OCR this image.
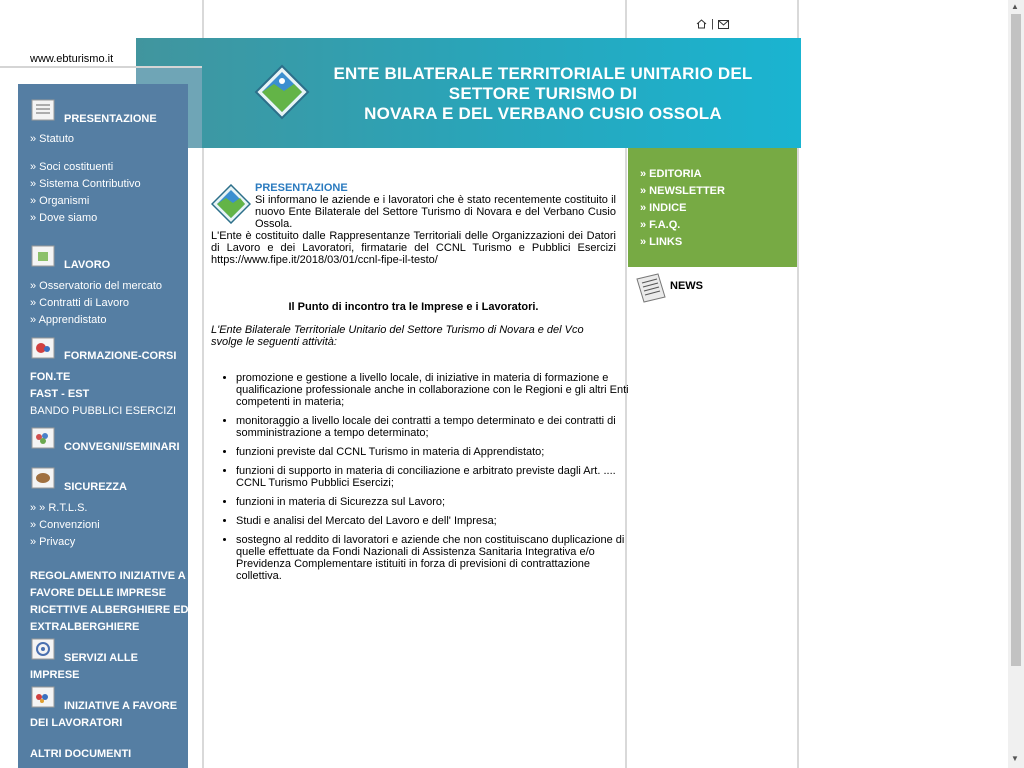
|
www.ebturismo.it
ENTE BILATERALE TERRITORIALE UNITARIO DEL
SETTORE TURISMO DI
NOVARA E DEL VERBANO CUSIO OSSOLA
PRESENTAZIONE
» Statuto
» Soci costituenti
» Sistema Contributivo
» Organismi
» Dove siamo
LAVORO
» Osservatorio del mercato
» Contratti di Lavoro
» Apprendistato
FORMAZIONE-CORSI
FON.TE
FAST - EST
BANDO PUBBLICI ESERCIZI
CONVEGNI/SEMINARI
SICUREZZA
» » R.T.L.S.
» Convenzioni
» Privacy
REGOLAMENTO INIZIATIVE A
FAVORE DELLE IMPRESE
RICETTIVE ALBERGHIERE ED
EXTRALBERGHIERE
SERVIZI ALLE
IMPRESE
INIZIATIVE A FAVORE
DEI LAVORATORI
ALTRI DOCUMENTI
PRESENTAZIONE
Si informano le aziende e i lavoratori che è stato recentemente costituito il nuovo Ente Bilaterale del Settore Turismo di Novara e del Verbano Cusio Ossola.
L'Ente è costituito dalle Rappresentanze Territoriali delle Organizzazioni dei Datori di Lavoro e dei Lavoratori, firmatarie del CCNL Turismo e Pubblici Esercizi https://www.fipe.it/2018/03/01/ccnl-fipe-il-testo/
Il Punto di incontro tra le Imprese e i Lavoratori.
L'Ente Bilaterale Territoriale Unitario del Settore Turismo di Novara e del Vco svolge le seguenti attività:
• promozione e gestione a livello locale, di iniziative in materia di formazione e qualificazione professionale anche in collaborazione con le Regioni e gli altri Enti competenti in materia;
• monitoraggio a livello locale dei contratti a tempo determinato e dei contratti di somministrazione a tempo determinato;
• funzioni previste dal CCNL Turismo in materia di Apprendistato;
• funzioni di supporto in materia di conciliazione e arbitrato previste dagli Art. .... CCNL Turismo Pubblici Esercizi;
• funzioni in materia di Sicurezza sul Lavoro;
• Studi e analisi del Mercato del Lavoro e dell' Impresa;
• sostegno al reddito di lavoratori e aziende che non costituiscano duplicazione di quelle effettuate da Fondi Nazionali di Assistenza Sanitaria Integrativa e/o Previdenza Complementare istituiti in forza di previsioni di contrattazione collettiva.
» EDITORIA
» NEWSLETTER
» INDICE
» F.A.Q.
» LINKS
NEWS
▲
▼
